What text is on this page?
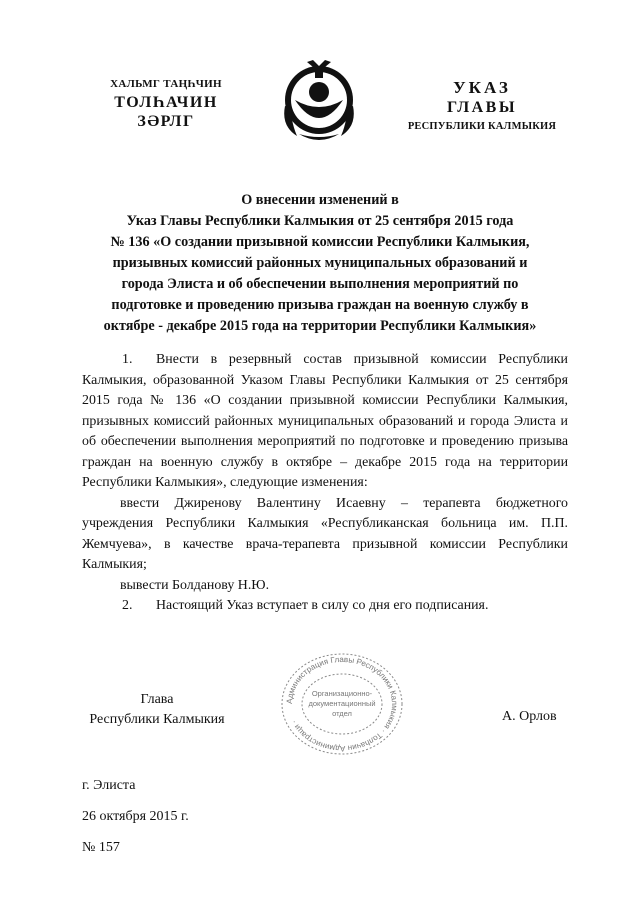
ХАЛЬМГ ТАҢҺЧИН
ТОЛҺАЧИН
ЗӘРЛГ
УКАЗ
ГЛАВЫ
РЕСПУБЛИКИ КАЛМЫКИЯ
О внесении изменений в
Указ Главы Республики Калмыкия от 25 сентября 2015 года
№ 136 «О создании призывной комиссии Республики Калмыкия,
призывных комиссий районных муниципальных образований и
города Элиста и об обеспечении выполнения мероприятий по
подготовке и проведению призыва граждан на военную службу в
октябре - декабре 2015 года на территории Республики Калмыкия»

1. Внести в резервный состав призывной комиссии Республики Калмыкия, образованной Указом Главы Республики Калмыкия от 25 сентября 2015 года № 136 «О создании призывной комиссии Республики Калмыкия, призывных комиссий районных муниципальных образований и города Элиста и об обеспечении выполнения мероприятий по подготовке и проведению призыва граждан на военную службу в октябре – декабре 2015 года на территории Республики Калмыкия», следующие изменения:

ввести Джиренову Валентину Исаевну – терапевта бюджетного учреждения Республики Калмыкия «Республиканская больница им. П.П. Жемчуева», в качестве врача-терапевта призывной комиссии Республики Калмыкия;

вывести Болданову Н.Ю.

2. Настоящий Указ вступает в силу со дня его подписания.

Глава
Республики Калмыкия
Администрация Главы Республики Калмыкия · Толһачин Администраци ·
Организационно-
документационный
отдел	А. Орлов
г. Элиста
26 октября 2015 г.
№ 157
